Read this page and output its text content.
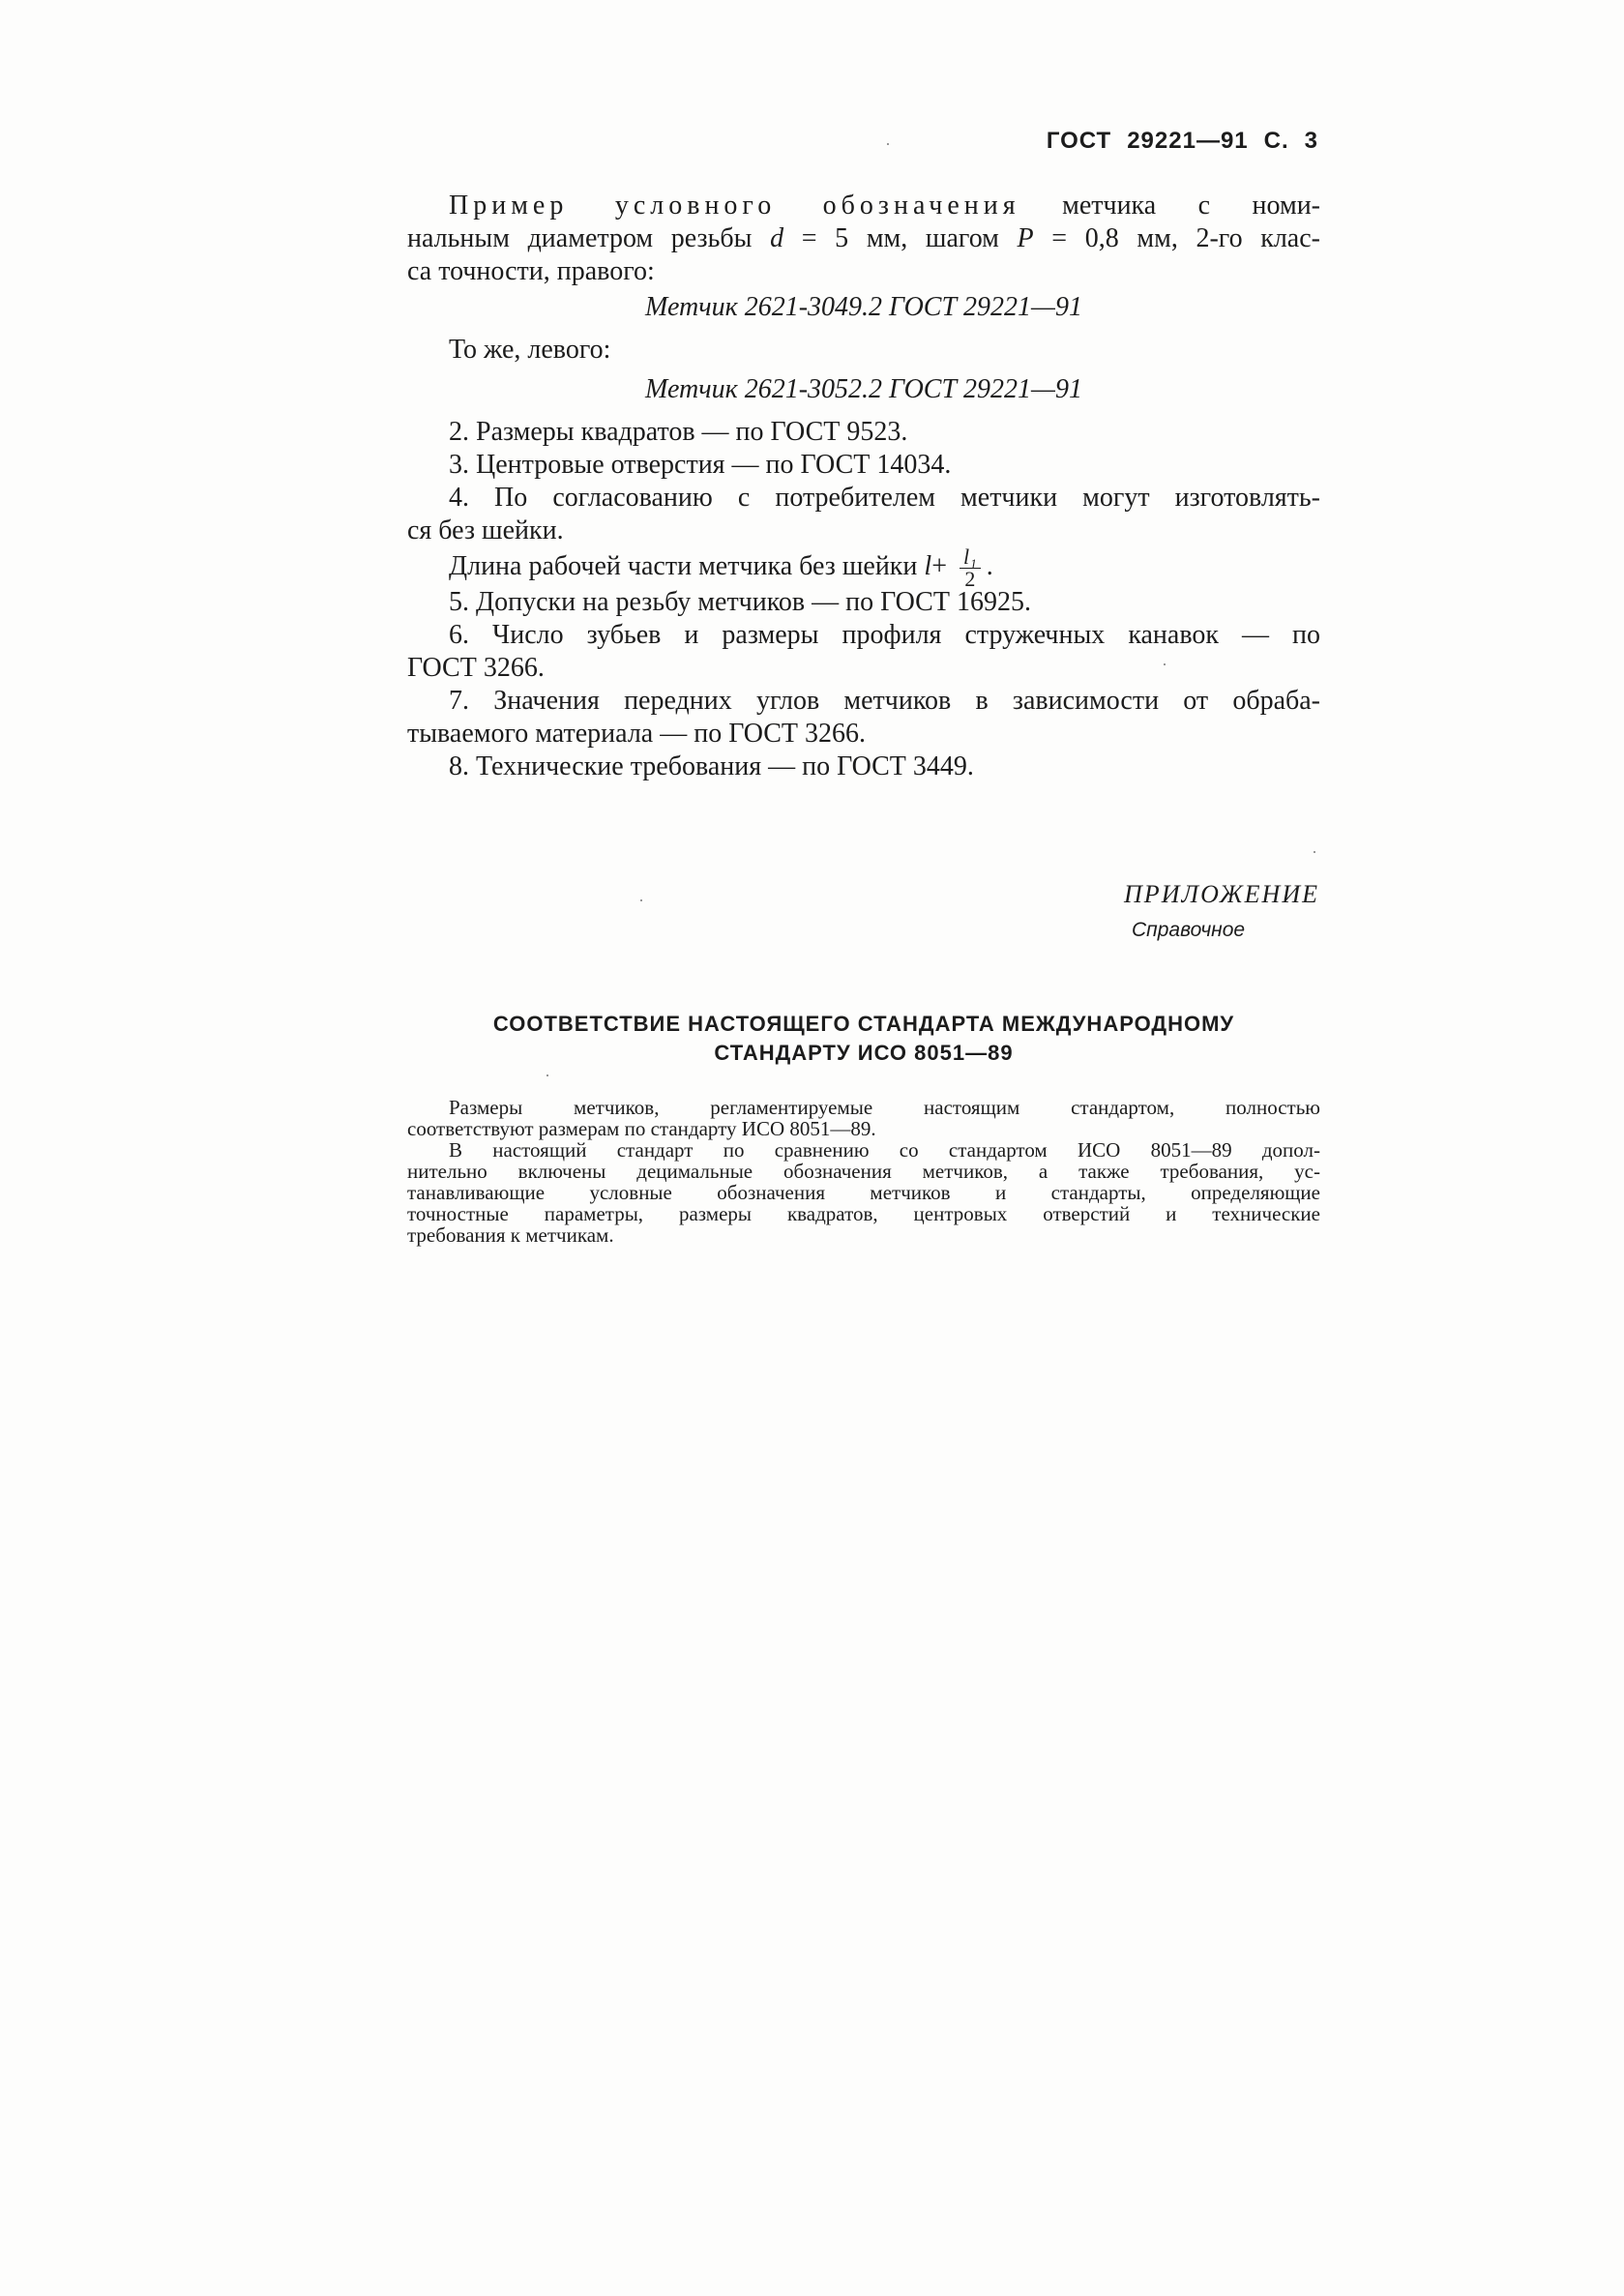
ГОСТ 29221—91 С. 3
Пример условного обозначения метчика с номи-
нальным диаметром резьбы d = 5 мм, шагом P = 0,8 мм, 2-го клас-
са точности, правого:
Метчик 2621-3049.2 ГОСТ 29221—91
То же, левого:
Метчик 2621-3052.2 ГОСТ 29221—91
2. Размеры квадратов — по ГОСТ 9523.
3. Центровые отверстия — по ГОСТ 14034.
4. По согласованию с потребителем метчики могут изготовлять-
ся без шейки.
Длина рабочей части метчика без шейки $l+ \frac{\text{l₁}}{2}$ .
5. Допуски на резьбу метчиков — по ГОСТ 16925.
6. Число зубьев и размеры профиля стружечных канавок — по
ГОСТ 3266.
7. Значения передних углов метчиков в зависимости от обраба-
тываемого материала — по ГОСТ 3266.
8. Технические требования — по ГОСТ 3449.
ПРИЛОЖЕНИЕ
Справочное
СООТВЕТСТВИЕ НАСТОЯЩЕГО СТАНДАРТА МЕЖДУНАРОДНОМУ
СТАНДАРТУ ИСО 8051—89
Размеры метчиков, регламентируемые настоящим стандартом, полностью
соответствуют размерам по стандарту ИСО 8051—89.
В настоящий стандарт по сравнению со стандартом ИСО 8051—89 допол-
нительно включены децимальные обозначения метчиков, а также требования, ус-
танавливающие условные обозначения метчиков и стандарты, определяющие
точностные параметры, размеры квадратов, центровых отверстий и технические
требования к метчикам.
